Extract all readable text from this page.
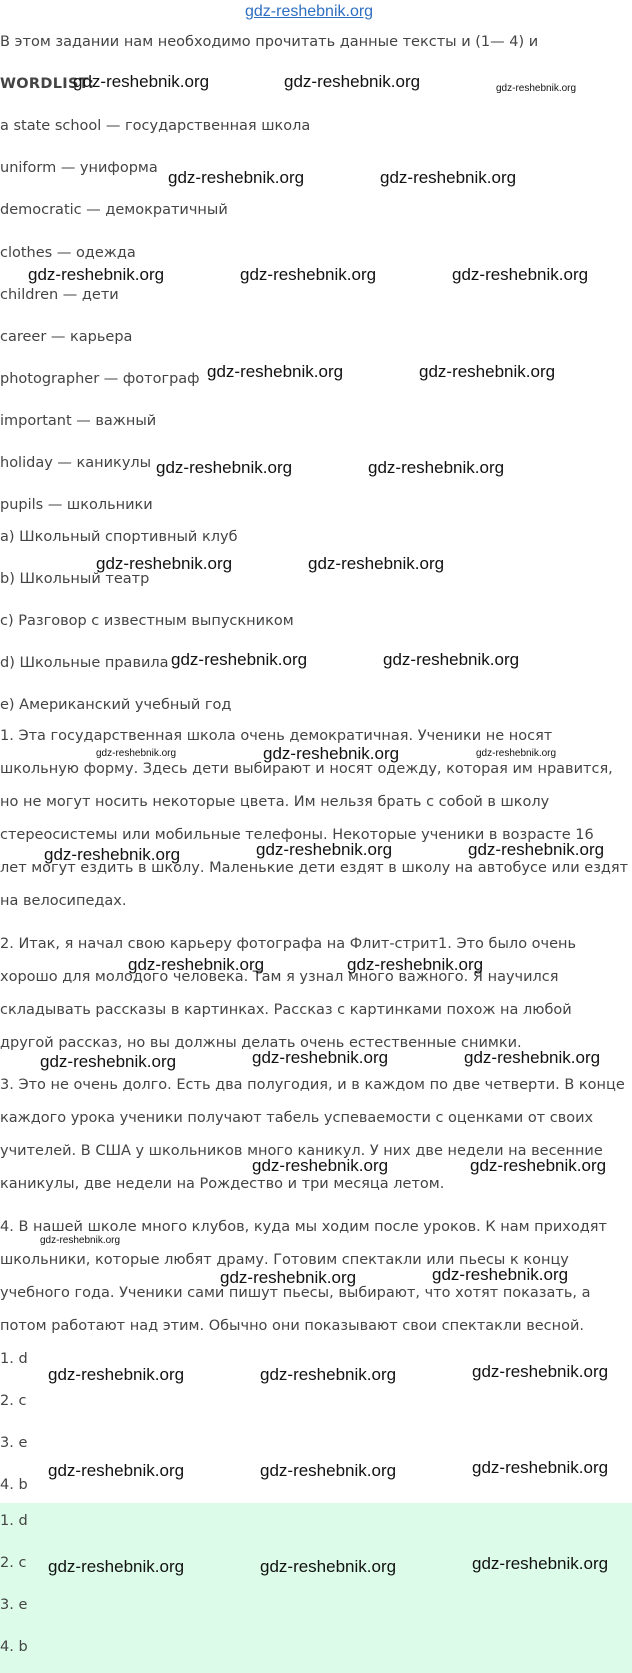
gdz-reshebnik.org
В этом задании нам необходимо прочитать данные тексты и (1— 4) и
WORDLIST:
a state school — государственная школа
uniform — униформа
democratic — демократичный
clothes — одежда
children — дети
career — карьера
photographer — фотограф
important — важный
holiday — каникулы
pupils — школьники
a) Школьный спортивный клуб
b) Школьный театр
c) Разговор с известным выпускником
d) Школьные правила
e) Американский учебный год
1. Эта государственная школа очень демократичная. Ученики не носят
школьную форму. Здесь дети выбирают и носят одежду, которая им нравится,
но не могут носить некоторые цвета. Им нельзя брать с собой в школу
стереосистемы или мобильные телефоны. Некоторые ученики в возрасте 16
лет могут ездить в школу. Маленькие дети ездят в школу на автобусе или ездят
на велосипедах.
2. Итак, я начал свою карьеру фотографа на Флит-стрит1. Это было очень
хорошо для молодого человека. Там я узнал много важного. Я научился
складывать рассказы в картинках. Рассказ с картинками похож на любой
другой рассказ, но вы должны делать очень естественные снимки.
3. Это не очень долго. Есть два полугодия, и в каждом по две четверти. В конце
каждого урока ученики получают табель успеваемости с оценками от своих
учителей. В США у школьников много каникул. У них две недели на весенние
каникулы, две недели на Рождество и три месяца летом.
4. В нашей школе много клубов, куда мы ходим после уроков. К нам приходят
школьники, которые любят драму. Готовим спектакли или пьесы к концу
учебного года. Ученики сами пишут пьесы, выбирают, что хотят показать, а
потом работают над этим. Обычно они показывают свои спектакли весной.
1. d
2. c
3. e
4. b
1. d
2. c
3. e
4. b
gdz-reshebnik.org	gdz-reshebnik.org	gdz-reshebnik.org
gdz-reshebnik.org	gdz-reshebnik.org
gdz-reshebnik.org	gdz-reshebnik.org	gdz-reshebnik.org
gdz-reshebnik.org	gdz-reshebnik.org
gdz-reshebnik.org	gdz-reshebnik.org
gdz-reshebnik.org	gdz-reshebnik.org
gdz-reshebnik.org	gdz-reshebnik.org
gdz-reshebnik.org	gdz-reshebnik.org	gdz-reshebnik.org
gdz-reshebnik.org	gdz-reshebnik.org	gdz-reshebnik.org
gdz-reshebnik.org	gdz-reshebnik.org
gdz-reshebnik.org	gdz-reshebnik.org	gdz-reshebnik.org
gdz-reshebnik.org	gdz-reshebnik.org
gdz-reshebnik.org
gdz-reshebnik.org	gdz-reshebnik.org
gdz-reshebnik.org	gdz-reshebnik.org	gdz-reshebnik.org
gdz-reshebnik.org	gdz-reshebnik.org	gdz-reshebnik.org
gdz-reshebnik.org	gdz-reshebnik.org	gdz-reshebnik.org
